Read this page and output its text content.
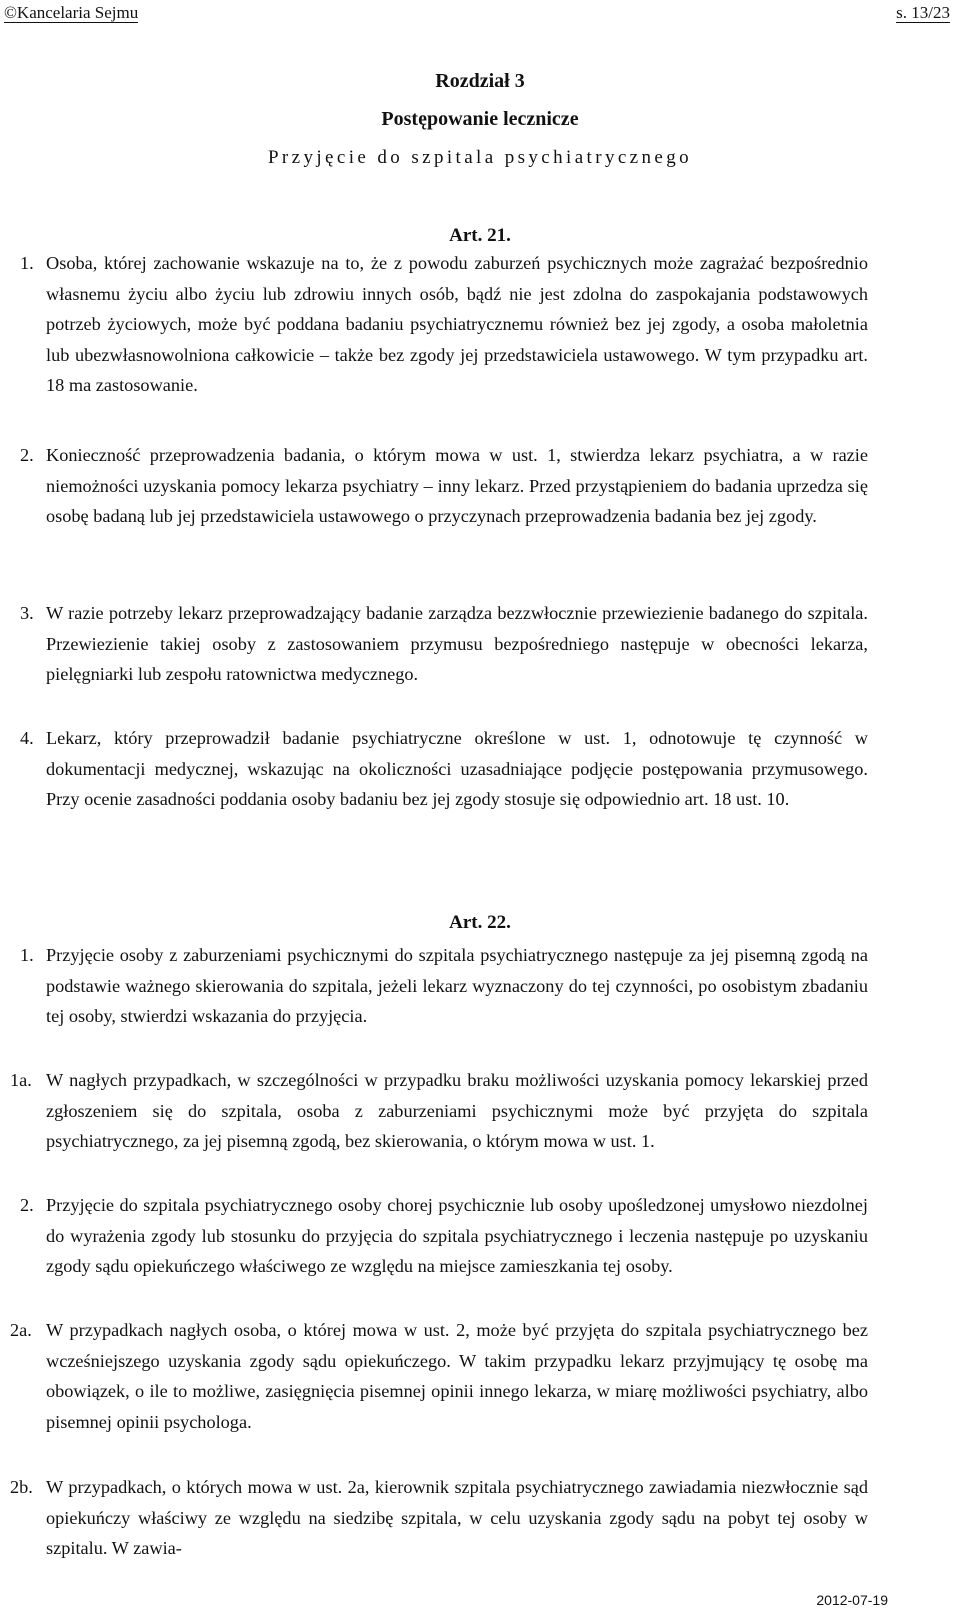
©Kancelaria Sejmu	s. 13/23
Rozdział 3
Postępowanie lecznicze
Przyjęcie do szpitala psychiatrycznego
Art. 21.
1. Osoba, której zachowanie wskazuje na to, że z powodu zaburzeń psychicznych może zagrażać bezpośrednio własnemu życiu albo życiu lub zdrowiu innych osób, bądź nie jest zdolna do zaspokajania podstawowych potrzeb życiowych, może być poddana badaniu psychiatrycznemu również bez jej zgody, a osoba małoletnia lub ubezwłasnowolniona całkowicie – także bez zgody jej przedstawiciela ustawowego. W tym przypadku art. 18 ma zastosowanie.
2. Konieczność przeprowadzenia badania, o którym mowa w ust. 1, stwierdza lekarz psychiatra, a w razie niemożności uzyskania pomocy lekarza psychiatry – inny lekarz. Przed przystąpieniem do badania uprzedza się osobę badaną lub jej przedstawiciela ustawowego o przyczynach przeprowadzenia badania bez jej zgody.
3. W razie potrzeby lekarz przeprowadzający badanie zarządza bezzwłocznie przewiezienie badanego do szpitala. Przewiezienie takiej osoby z zastosowaniem przymusu bezpośredniego następuje w obecności lekarza, pielęgniarki lub zespołu ratownictwa medycznego.
4. Lekarz, który przeprowadził badanie psychiatryczne określone w ust. 1, odnotowuje tę czynność w dokumentacji medycznej, wskazując na okoliczności uzasadniające podjęcie postępowania przymusowego. Przy ocenie zasadności poddania osoby badaniu bez jej zgody stosuje się odpowiednio art. 18 ust. 10.
Art. 22.
1. Przyjęcie osoby z zaburzeniami psychicznymi do szpitala psychiatrycznego następuje za jej pisemną zgodą na podstawie ważnego skierowania do szpitala, jeżeli lekarz wyznaczony do tej czynności, po osobistym zbadaniu tej osoby, stwierdzi wskazania do przyjęcia.
1a. W nagłych przypadkach, w szczególności w przypadku braku możliwości uzyskania pomocy lekarskiej przed zgłoszeniem się do szpitala, osoba z zaburzeniami psychicznymi może być przyjęta do szpitala psychiatrycznego, za jej pisemną zgodą, bez skierowania, o którym mowa w ust. 1.
2. Przyjęcie do szpitala psychiatrycznego osoby chorej psychicznie lub osoby upośledzonej umysłowo niezdolnej do wyrażenia zgody lub stosunku do przyjęcia do szpitala psychiatrycznego i leczenia następuje po uzyskaniu zgody sądu opiekuńczego właściwego ze względu na miejsce zamieszkania tej osoby.
2a. W przypadkach nagłych osoba, o której mowa w ust. 2, może być przyjęta do szpitala psychiatrycznego bez wcześniejszego uzyskania zgody sądu opiekuńczego. W takim przypadku lekarz przyjmujący tę osobę ma obowiązek, o ile to możliwe, zasięgnięcia pisemnej opinii innego lekarza, w miarę możliwości psychiatry, albo pisemnej opinii psychologa.
2b. W przypadkach, o których mowa w ust. 2a, kierownik szpitala psychiatrycznego zawiadamia niezwłocznie sąd opiekuńczy właściwy ze względu na siedzibę szpitala, w celu uzyskania zgody sądu na pobyt tej osoby w szpitalu. W zawia-
2012-07-19
